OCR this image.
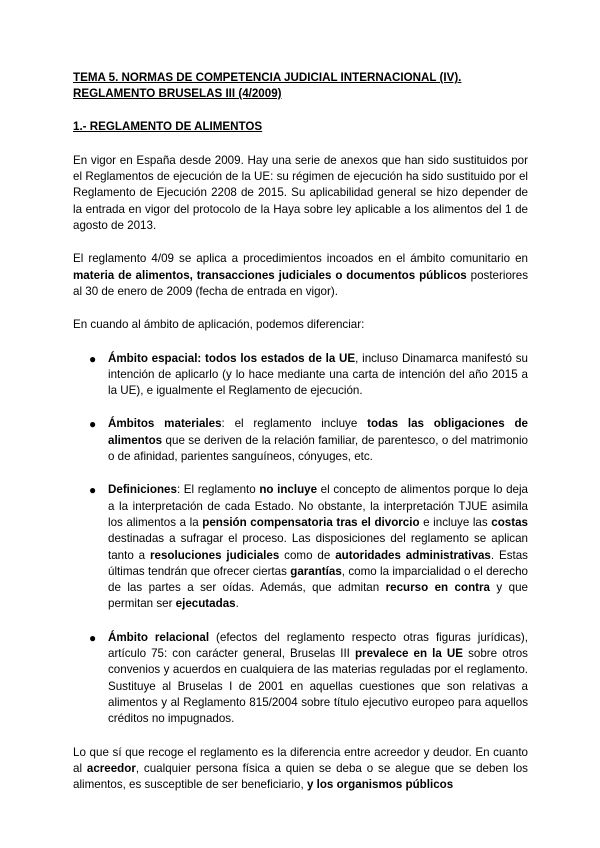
TEMA 5. NORMAS DE COMPETENCIA JUDICIAL INTERNACIONAL (IV).
REGLAMENTO BRUSELAS III (4/2009)
1.- REGLAMENTO DE ALIMENTOS

En vigor en España desde 2009. Hay una serie de anexos que han sido sustituidos por el Reglamentos de ejecución de la UE: su régimen de ejecución ha sido sustituido por el Reglamento de Ejecución 2208 de 2015. Su aplicabilidad general se hizo depender de la entrada en vigor del protocolo de la Haya sobre ley aplicable a los alimentos del 1 de agosto de 2013.

El reglamento 4/09 se aplica a procedimientos incoados en el ámbito comunitario en materia de alimentos, transacciones judiciales o documentos públicos posteriores al 30 de enero de 2009 (fecha de entrada en vigor).

En cuando al ámbito de aplicación, podemos diferenciar:

● Ámbito espacial: todos los estados de la UE, incluso Dinamarca manifestó su intención de aplicarlo (y lo hace mediante una carta de intención del año 2015 a la UE), e igualmente el Reglamento de ejecución.
● Ámbitos materiales: el reglamento incluye todas las obligaciones de alimentos que se deriven de la relación familiar, de parentesco, o del matrimonio o de afinidad, parientes sanguíneos, cónyuges, etc.
● Definiciones: El reglamento no incluye el concepto de alimentos porque lo deja a la interpretación de cada Estado. No obstante, la interpretación TJUE asimila los alimentos a la pensión compensatoria tras el divorcio e incluye las costas destinadas a sufragar el proceso. Las disposiciones del reglamento se aplican tanto a resoluciones judiciales como de autoridades administrativas. Estas últimas tendrán que ofrecer ciertas garantías, como la imparcialidad o el derecho de las partes a ser oídas. Además, que admitan recurso en contra y que permitan ser ejecutadas.
● Ámbito relacional (efectos del reglamento respecto otras figuras jurídicas), artículo 75: con carácter general, Bruselas III prevalece en la UE sobre otros convenios y acuerdos en cualquiera de las materias reguladas por el reglamento. Sustituye al Bruselas I de 2001 en aquellas cuestiones que son relativas a alimentos y al Reglamento 815/2004 sobre título ejecutivo europeo para aquellos créditos no impugnados.

Lo que sí que recoge el reglamento es la diferencia entre acreedor y deudor. En cuanto al acreedor, cualquier persona física a quien se deba o se alegue que se deben los alimentos, es susceptible de ser beneficiario, y los organismos públicos
